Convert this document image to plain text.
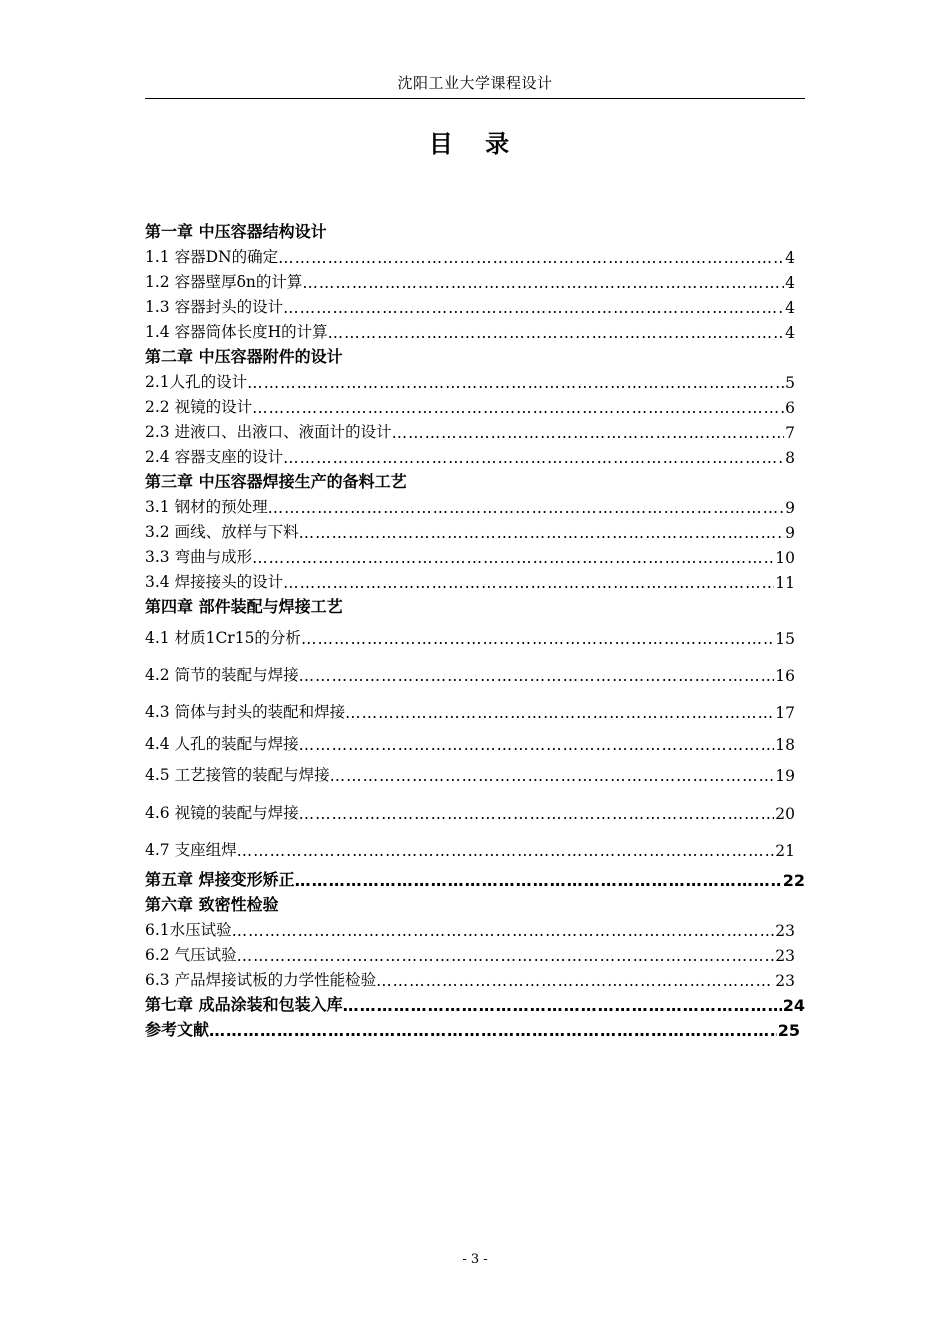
沈阳工业大学课程设计
目 录
第一章 中压容器结构设计
1.1 容器DN的确定 …………………………………………………………………………………………………………………………………………	4
1.2 容器壁厚δn的计算 …………………………………………………………………………………………………………………………………………	4
1.3 容器封头的设计 …………………………………………………………………………………………………………………………………………	4
1.4 容器筒体长度H的计算 …………………………………………………………………………………………………………………………………………	4
第二章 中压容器附件的设计
2.1人孔的设计 …………………………………………………………………………………………………………………………………………	5
2.2 视镜的设计 …………………………………………………………………………………………………………………………………………	6
2.3 进液口、出液口、液面计的设计 …………………………………………………………………………………………………………………………………………	7
2.4 容器支座的设计 …………………………………………………………………………………………………………………………………………	8
第三章 中压容器焊接生产的备料工艺
3.1 钢材的预处理 …………………………………………………………………………………………………………………………………………	9
3.2 画线、放样与下料 …………………………………………………………………………………………………………………………………………	9
3.3 弯曲与成形 …………………………………………………………………………………………………………………………………………	10
3.4 焊接接头的设计 …………………………………………………………………………………………………………………………………………	11
第四章 部件装配与焊接工艺
4.1 材质1Cr15的分析 …………………………………………………………………………………………………………………………………………	15
4.2 筒节的装配与焊接 …………………………………………………………………………………………………………………………………………	16
4.3 筒体与封头的装配和焊接 …………………………………………………………………………………………………………………………………………	17
4.4 人孔的装配与焊接 …………………………………………………………………………………………………………………………………………	18
4.5 工艺接管的装配与焊接 …………………………………………………………………………………………………………………………………………	19
4.6 视镜的装配与焊接 …………………………………………………………………………………………………………………………………………	20
4.7 支座组焊 …………………………………………………………………………………………………………………………………………	21
第五章 焊接变形矫正 …………………………………………………………………………………………………………………………………………	22
第六章 致密性检验
6.1水压试验 …………………………………………………………………………………………………………………………………………	23
6.2 气压试验 …………………………………………………………………………………………………………………………………………	23
6.3 产品焊接试板的力学性能检验 …………………………………………………………………………………………………………………………………………	23
第七章 成品涂装和包装入库 …………………………………………………………………………………………………………………………………………	24
参考文献 …………………………………………………………………………………………………………………………………………	25
- 3 -
